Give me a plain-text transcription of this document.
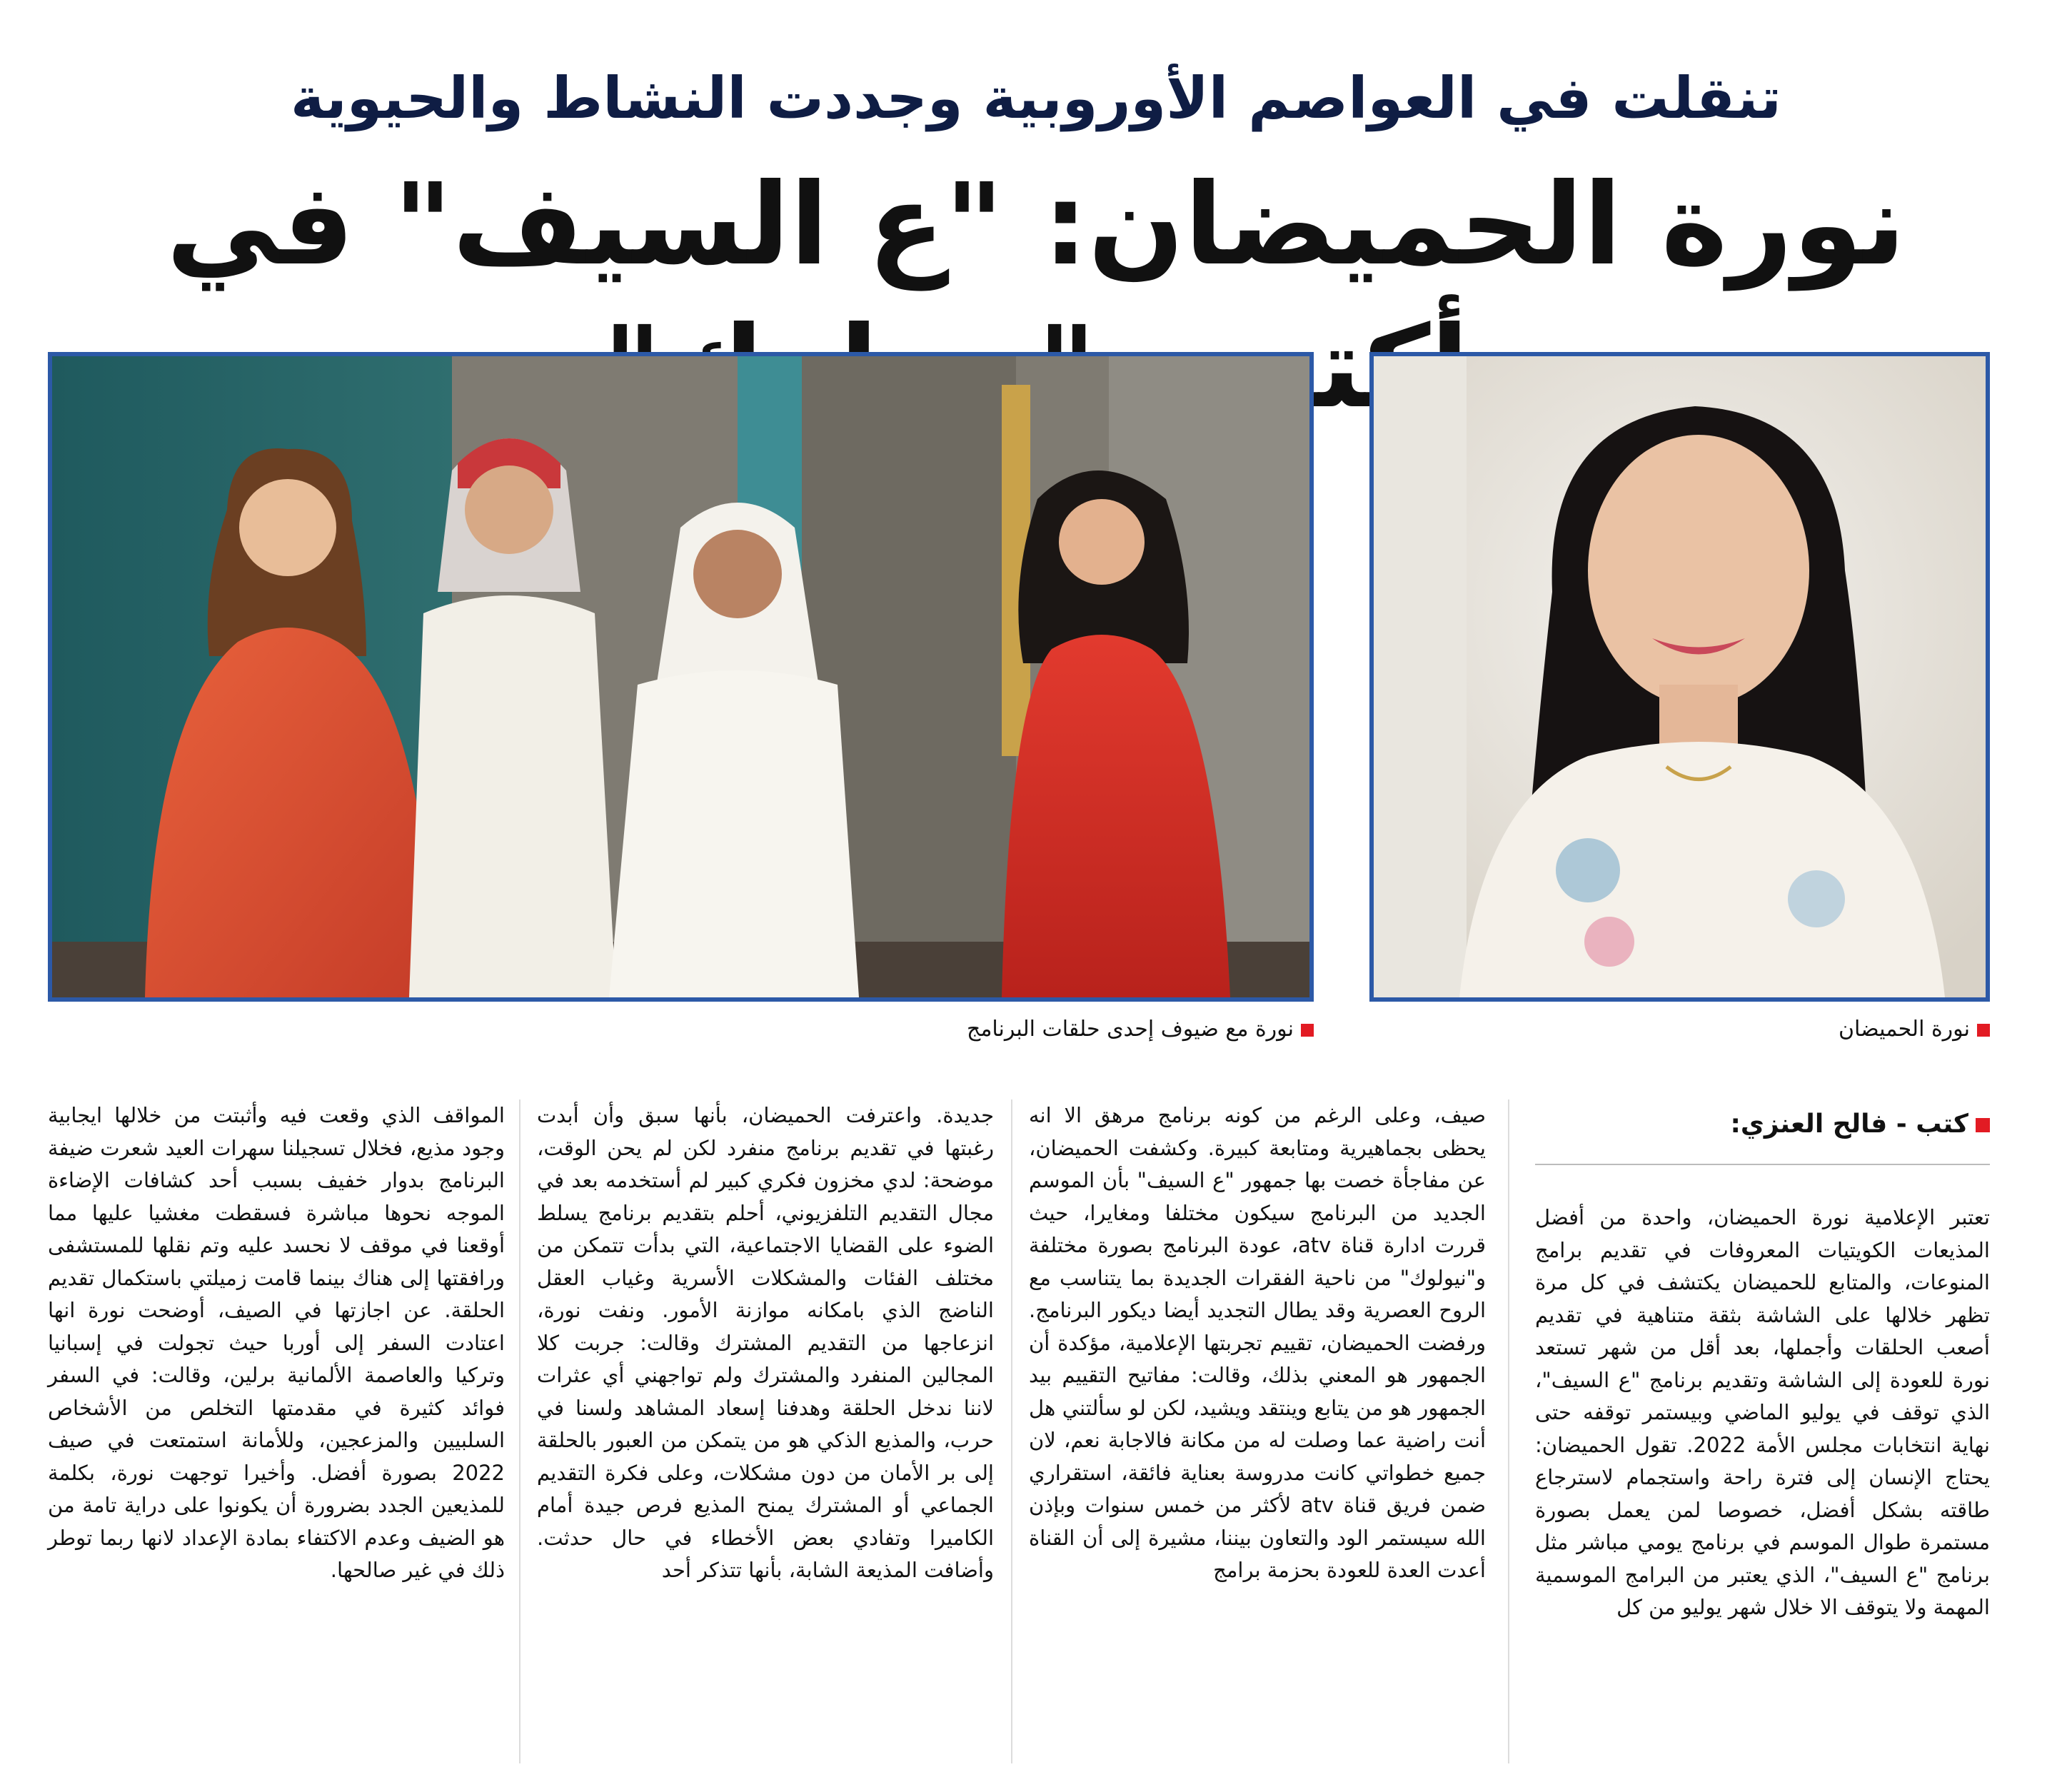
تنقلت في العواصم الأوروبية وجددت النشاط والحيوية
نورة الحميضان: "ع السيف" في
نورة مع ضيوف إحدى حلقات البرنامج	نورة الحميضان
كتب - فالح العنزي:

تعتبر الإعلامية نورة الحميضان، واحدة من أفضل المذيعات الكويتيات المعروفات في تقديم برامج المنوعات، والمتابع للحميضان يكتشف في كل مرة تظهر خلالها على الشاشة بثقة متناهية في تقديم أصعب الحلقات وأجملها، بعد أقل من شهر تستعد نورة للعودة إلى الشاشة وتقديم برنامج "ع السيف"، الذي توقف في يوليو الماضي وبيستمر توقفه حتى نهاية انتخابات مجلس الأمة 2022. تقول الحميضان: يحتاج الإنسان إلى فترة راحة واستجمام لاسترجاع طاقته بشكل أفضل، خصوصا لمن يعمل بصورة مستمرة طوال الموسم في برنامج يومي مباشر مثل برنامج "ع السيف"، الذي يعتبر من البرامج الموسمية المهمة ولا يتوقف الا خلال شهر يوليو من كل

صيف، وعلى الرغم من كونه برنامج مرهق الا انه يحظى بجماهيرية ومتابعة كبيرة. وكشفت الحميضان، عن مفاجأة خصت بها جمهور "ع السيف" بأن الموسم الجديد من البرنامج سيكون مختلفا ومغايرا، حيث قررت ادارة قناة atv، عودة البرنامج بصورة مختلفة و"نيولوك" من ناحية الفقرات الجديدة بما يتناسب مع الروح العصرية وقد يطال التجديد أيضا ديكور البرنامج. ورفضت الحميضان، تقييم تجربتها الإعلامية، مؤكدة أن الجمهور هو المعني بذلك، وقالت: مفاتيح التقييم بيد الجمهور هو من يتابع وينتقد ويشيد، لكن لو سألتني هل أنت راضية عما وصلت له من مكانة فالاجابة نعم، لان جميع خطواتي كانت مدروسة بعناية فائقة، استقراري ضمن فريق قناة atv لأكثر من خمس سنوات وبإذن الله سيستمر الود والتعاون بيننا، مشيرة إلى أن القناة أعدت العدة للعودة بحزمة برامج

جديدة. واعترفت الحميضان، بأنها سبق وأن أبدت رغبتها في تقديم برنامج منفرد لكن لم يحن الوقت، موضحة: لدي مخزون فكري كبير لم أستخدمه بعد في مجال التقديم التلفزيوني، أحلم بتقديم برنامج يسلط الضوء على القضايا الاجتماعية، التي بدأت تتمكن من مختلف الفئات والمشكلات الأسرية وغياب العقل الناضج الذي بامكانه موازنة الأمور. ونفت نورة، انزعاجها من التقديم المشترك وقالت: جربت كلا المجالين المنفرد والمشترك ولم تواجهني أي عثرات لاننا ندخل الحلقة وهدفنا إسعاد المشاهد ولسنا في حرب، والمذيع الذكي هو من يتمكن من العبور بالحلقة إلى بر الأمان من دون مشكلات، وعلى فكرة التقديم الجماعي أو المشترك يمنح المذيع فرص جيدة أمام الكاميرا وتفادي بعض الأخطاء في حال حدثت. وأضافت المذيعة الشابة، بأنها تتذكر أحد

المواقف الذي وقعت فيه وأثبتت من خلالها ايجابية وجود مذيع، فخلال تسجيلنا سهرات العيد شعرت ضيفة البرنامج بدوار خفيف بسبب أحد كشافات الإضاءة الموجه نحوها مباشرة فسقطت مغشيا عليها مما أوقعنا في موقف لا نحسد عليه وتم نقلها للمستشفى ورافقتها إلى هناك بينما قامت زميلتي باستكمال تقديم الحلقة. عن اجازتها في الصيف، أوضحت نورة انها اعتادت السفر إلى أوربا حيث تجولت في إسبانيا وتركيا والعاصمة الألمانية برلين، وقالت: في السفر فوائد كثيرة في مقدمتها التخلص من الأشخاص السلبيين والمزعجين، وللأمانة استمتعت في صيف 2022 بصورة أفضل. وأخيرا توجهت نورة، بكلمة للمذيعين الجدد بضرورة أن يكونوا على دراية تامة من هو الضيف وعدم الاكتفاء بمادة الإعداد لانها ربما توطر ذلك في غير صالحها.
